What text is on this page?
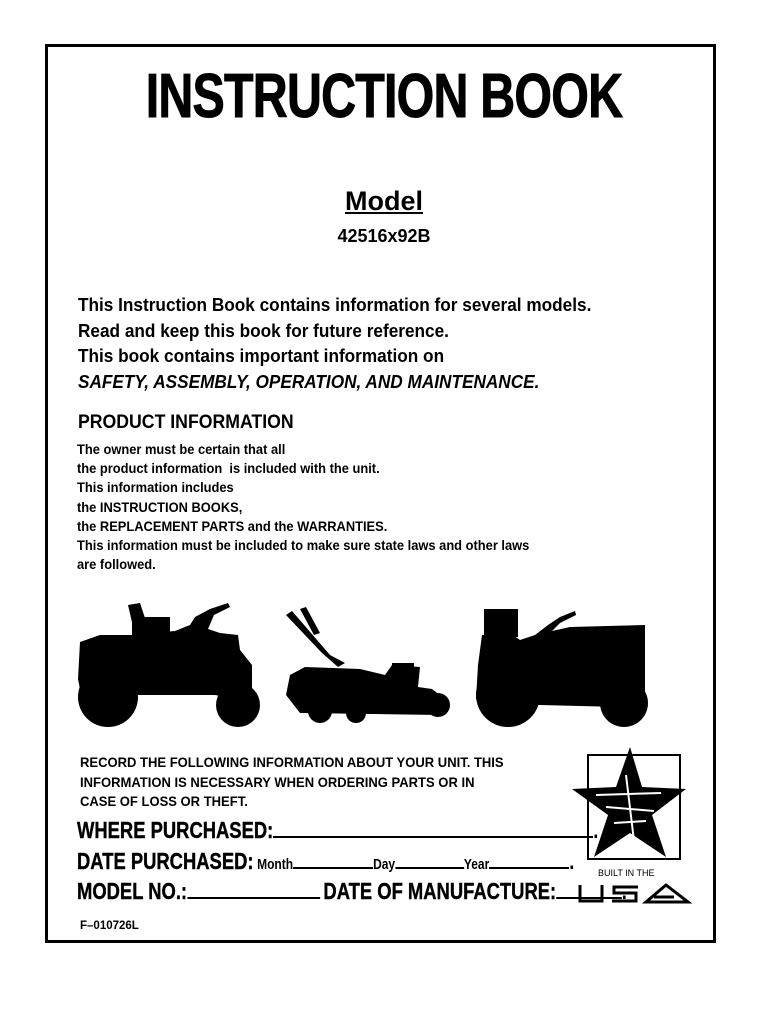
INSTRUCTION BOOK
Model
42516x92B
This Instruction Book contains information for several models.
Read and keep this book for future reference.
This book contains important information on
SAFETY, ASSEMBLY, OPERATION, AND MAINTENANCE.
PRODUCT INFORMATION
The owner must be certain that all
the product information  is included with the unit.
This information includes
the INSTRUCTION BOOKS,
the REPLACEMENT PARTS and the WARRANTIES.
This information must be included to make sure state laws and other laws
are followed.
RECORD THE FOLLOWING INFORMATION ABOUT YOUR UNIT. THIS
INFORMATION IS NECESSARY WHEN ORDERING PARTS OR IN
CASE OF LOSS OR THEFT.
WHERE PURCHASED:	.
DATE PURCHASED: Month	Day	Year	.
MODEL NO.:	DATE OF MANUFACTURE:	.
BUILT IN THE
F–010726L
